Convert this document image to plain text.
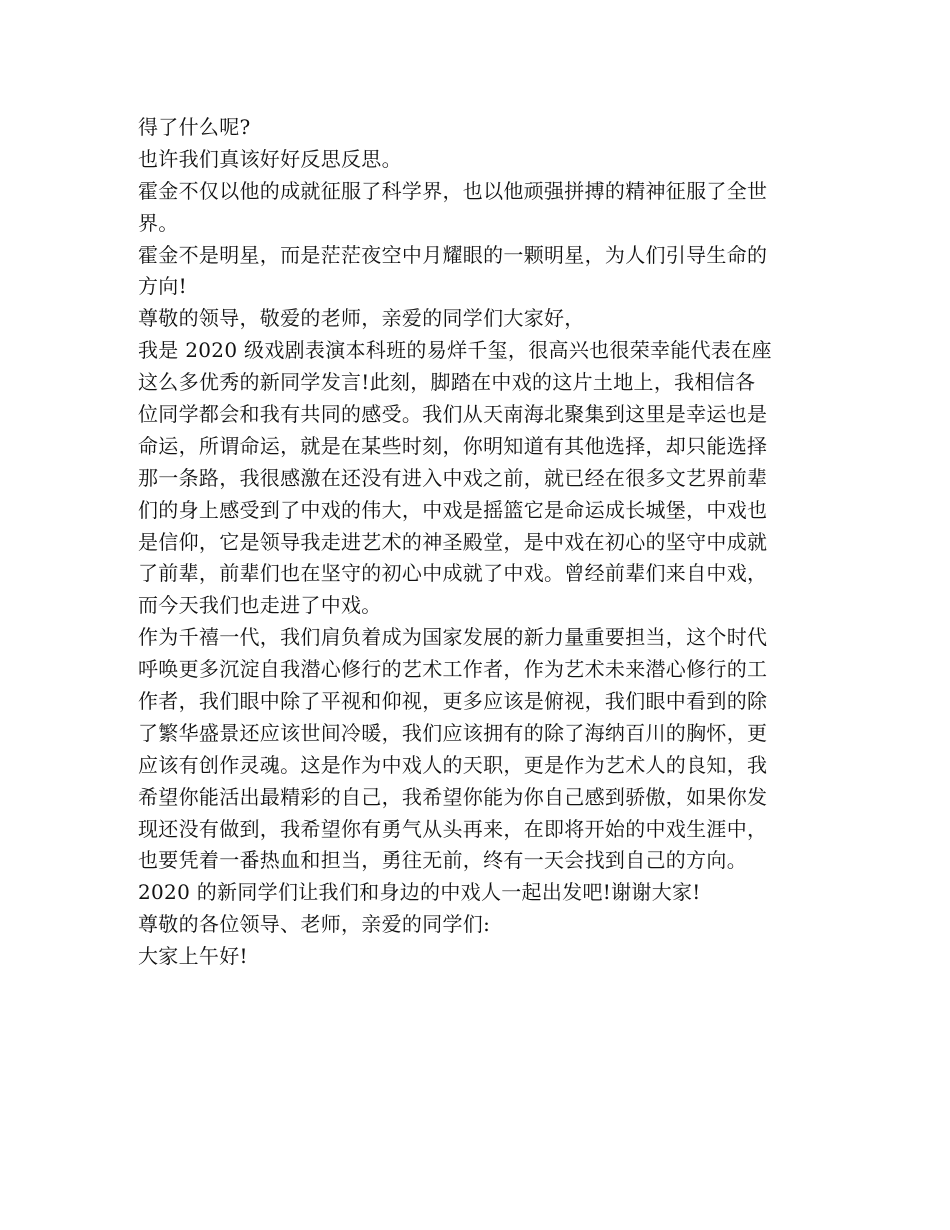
得了什么呢?
也许我们真该好好反思反思。
霍金不仅以他的成就征服了科学界，也以他顽强拼搏的精神征服了全世
界。
霍金不是明星，而是茫茫夜空中月耀眼的一颗明星，为人们引导生命的
方向!
尊敬的领导，敬爱的老师，亲爱的同学们大家好，
我是 2020 级戏剧表演本科班的易烊千玺，很高兴也很荣幸能代表在座
这么多优秀的新同学发言!此刻，脚踏在中戏的这片土地上，我相信各
位同学都会和我有共同的感受。我们从天南海北聚集到这里是幸运也是
命运，所谓命运，就是在某些时刻，你明知道有其他选择，却只能选择
那一条路，我很感激在还没有进入中戏之前，就已经在很多文艺界前辈
们的身上感受到了中戏的伟大，中戏是摇篮它是命运成长城堡，中戏也
是信仰，它是领导我走进艺术的神圣殿堂，是中戏在初心的坚守中成就
了前辈，前辈们也在坚守的初心中成就了中戏。曾经前辈们来自中戏，
而今天我们也走进了中戏。
作为千禧一代，我们肩负着成为国家发展的新力量重要担当，这个时代
呼唤更多沉淀自我潜心修行的艺术工作者，作为艺术未来潜心修行的工
作者，我们眼中除了平视和仰视，更多应该是俯视，我们眼中看到的除
了繁华盛景还应该世间冷暖，我们应该拥有的除了海纳百川的胸怀，更
应该有创作灵魂。这是作为中戏人的天职，更是作为艺术人的良知，我
希望你能活出最精彩的自己，我希望你能为你自己感到骄傲，如果你发
现还没有做到，我希望你有勇气从头再来，在即将开始的中戏生涯中，
也要凭着一番热血和担当，勇往无前，终有一天会找到自己的方向。
2020 的新同学们让我们和身边的中戏人一起出发吧!谢谢大家!
尊敬的各位领导、老师，亲爱的同学们:
大家上午好!
